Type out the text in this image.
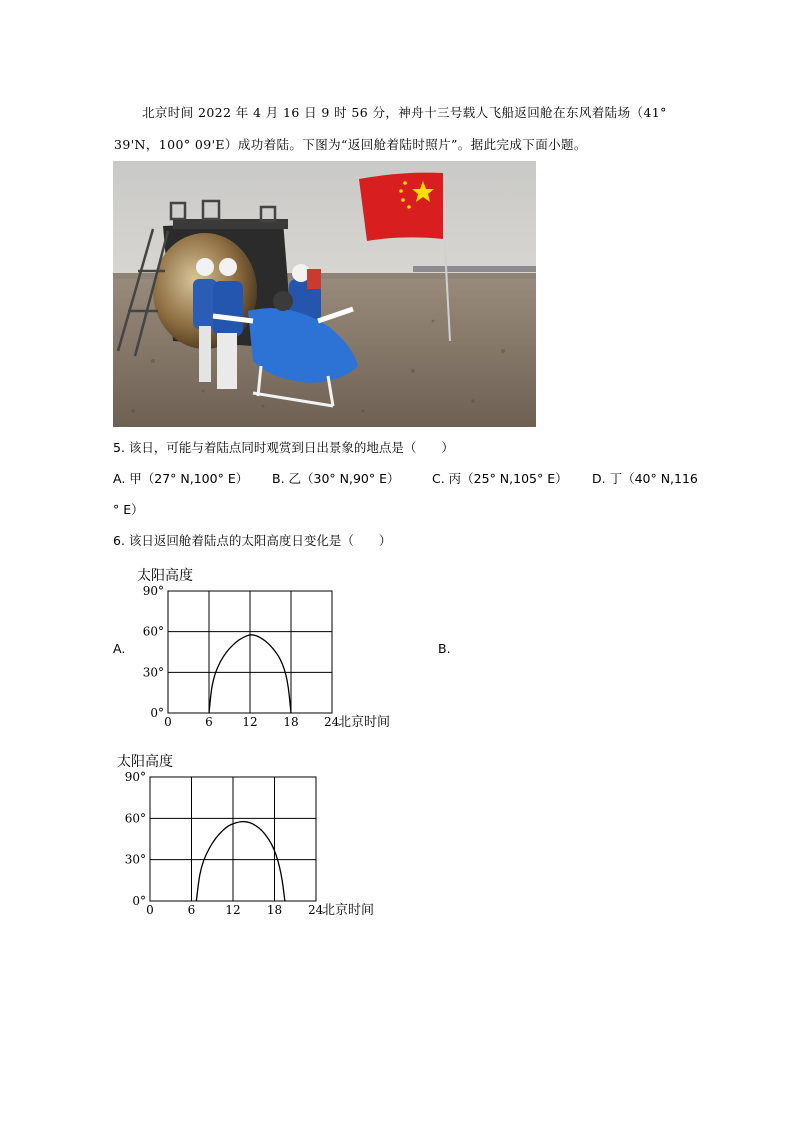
北京时间 2022 年 4 月 16 日 9 时 56 分，神舟十三号载人飞船返回舱在东风着陆场（41°
39'N，100° 09'E）成功着陆。下图为“返回舱着陆时照片”。据此完成下面小题。
5. 该日，可能与着陆点同时观赏到日出景象的地点是（　　）
A. 甲（27° N,100° E） B. 乙（30° N,90° E）	C. 丙（25° N,105° E） D. 丁（40° N,116
° E）
6. 该日返回舱着陆点的太阳高度日变化是（　　）
A.	B.
太阳高度
0	6 12 18 24
0°
30°
60°
90°
北京时间
太阳高度
0	6	12 18 24
0°
30°
60°
90°
北京时间
